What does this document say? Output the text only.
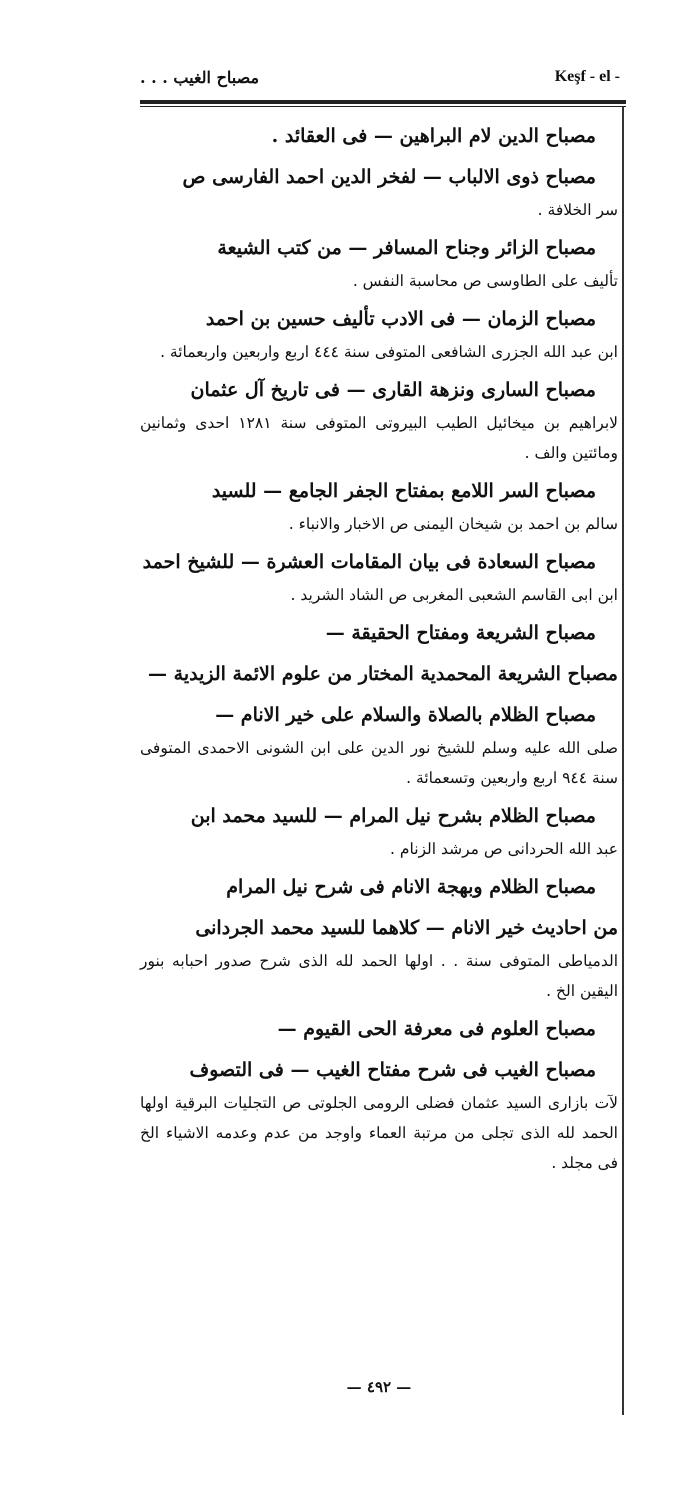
مصباح الغيب . . .	Keşf - el -
مصباح الدين لام البراهين — فى العقائد .
مصباح ذوى الالباب — لفخر الدين احمد الفارسى ص
سر الخلافة .
مصباح الزائر وجناح المسافر — من كتب الشيعة
تأليف على الطاوسى ص محاسبة النفس .
مصباح الزمان — فى الادب تأليف حسين بن احمد
ابن عبد الله الجزرى الشافعى المتوفى سنة ٤٤٤ اربع واربعين واربعمائة .
مصباح السارى ونزهة القارى — فى تاريخ آل عثمان
لابراهيم بن ميخائيل الطيب البيروتى المتوفى سنة ١٢٨١ احدى وثمانين ومائتين والف .
مصباح السر اللامع بمفتاح الجفر الجامع — للسيد
سالم بن احمد بن شيخان اليمنى ص الاخبار والانباء .
مصباح السعادة فى بيان المقامات العشرة — للشيخ احمد
ابن ابى القاسم الشعبى المغربى ص الشاد الشريد .
مصباح الشريعة ومفتاح الحقيقة —
مصباح الشريعة المحمدية المختار من علوم الائمة الزيدية —
مصباح الظلام بالصلاة والسلام على خير الانام —
صلى الله عليه وسلم للشيخ نور الدين على ابن الشونى الاحمدى المتوفى سنة ٩٤٤ اربع واربعين وتسعمائة .
مصباح الظلام بشرح نيل المرام — للسيد محمد ابن
عبد الله الحردانى ص مرشد الزنام .
مصباح الظلام وبهجة الانام فى شرح نيل المرام
من احاديث خير الانام — كلاهما للسيد محمد الجردانى
الدمياطى المتوفى سنة . . اولها الحمد لله الذى شرح صدور احبابه بنور اليقين الخ .
مصباح العلوم فى معرفة الحى القيوم —
مصباح الغيب فى شرح مفتاح الغيب — فى التصوف
لآت بازارى السيد عثمان فضلى الرومى الجلوتى ص التجليات البرقية اولها الحمد لله الذى تجلى من مرتبة العماء واوجد من عدم وعدمه الاشياء الخ فى مجلد .
— ٤٩٢ —
